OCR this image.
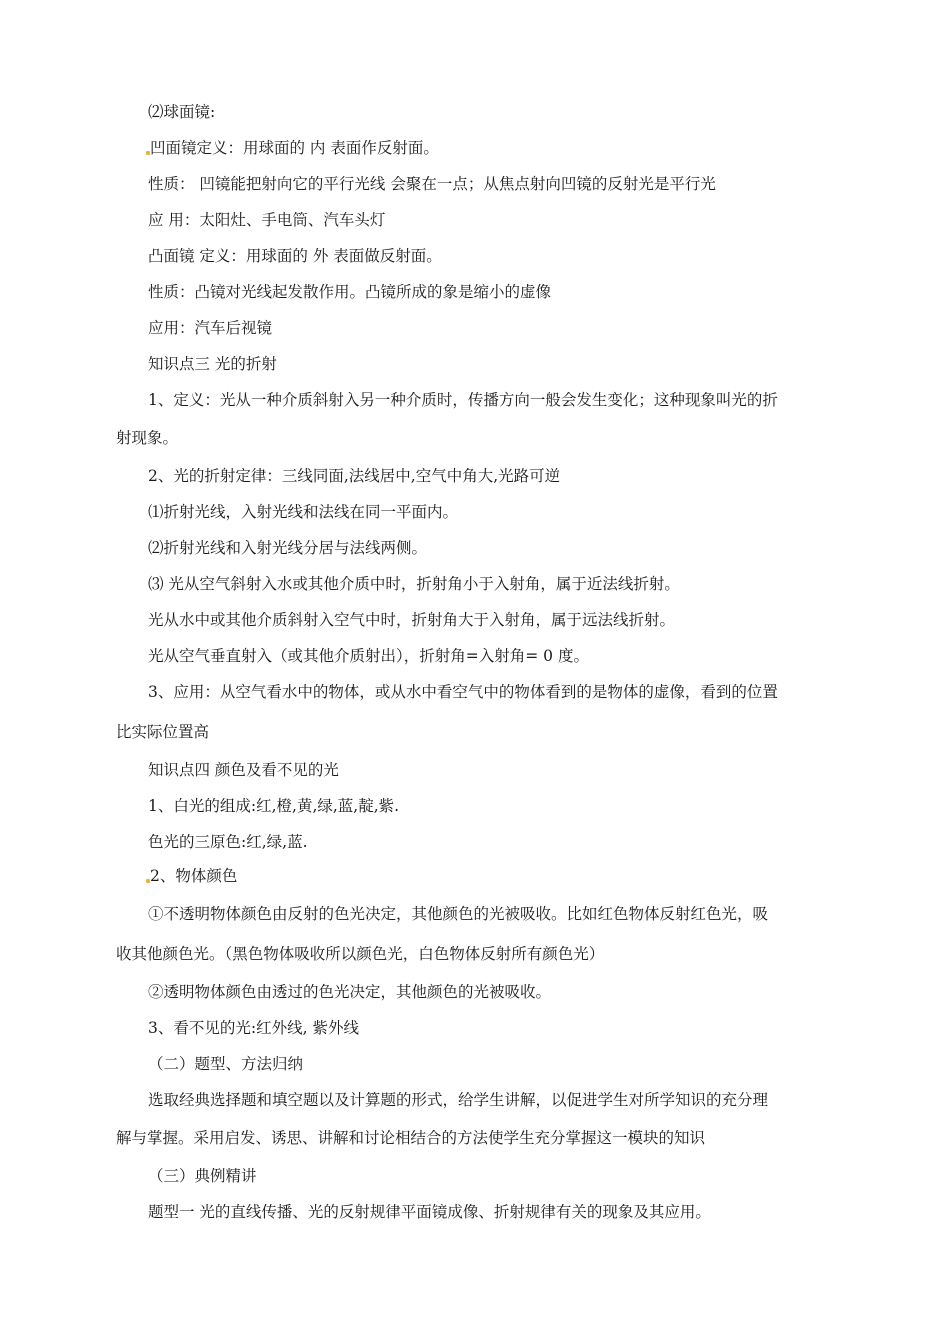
⑵球面镜:
凹面镜定义：用球面的 内 表面作反射面。
性质： 凹镜能把射向它的平行光线 会聚在一点；从焦点射向凹镜的反射光是平行光
应 用：太阳灶、手电筒、汽车头灯
凸面镜 定义：用球面的 外 表面做反射面。
性质：凸镜对光线起发散作用。凸镜所成的象是缩小的虚像
应用：汽车后视镜
知识点三 光的折射
1、定义：光从一种介质斜射入另一种介质时，传播方向一般会发生变化；这种现象叫光的折
射现象。
2、光的折射定律：三线同面,法线居中,空气中角大,光路可逆
⑴折射光线，入射光线和法线在同一平面内。
⑵折射光线和入射光线分居与法线两侧。
⑶ 光从空气斜射入水或其他介质中时，折射角小于入射角，属于近法线折射。
光从水中或其他介质斜射入空气中时，折射角大于入射角，属于远法线折射。
光从空气垂直射入（或其他介质射出），折射角=入射角= 0 度。
3、应用：从空气看水中的物体，或从水中看空气中的物体看到的是物体的虚像，看到的位置
比实际位置高
知识点四 颜色及看不见的光
1、白光的组成:红,橙,黄,绿,蓝,靛,紫.
色光的三原色:红,绿,蓝.
2、物体颜色
①不透明物体颜色由反射的色光决定，其他颜色的光被吸收。比如红色物体反射红色光，吸
收其他颜色光。（黑色物体吸收所以颜色光，白色物体反射所有颜色光）
②透明物体颜色由透过的色光决定，其他颜色的光被吸收。
3、看不见的光:红外线, 紫外线
（二）题型、方法归纳
选取经典选择题和填空题以及计算题的形式，给学生讲解，以促进学生对所学知识的充分理
解与掌握。采用启发、诱思、讲解和讨论相结合的方法使学生充分掌握这一模块的知识
（三）典例精讲
题型一 光的直线传播、光的反射规律平面镜成像、折射规律有关的现象及其应用。
